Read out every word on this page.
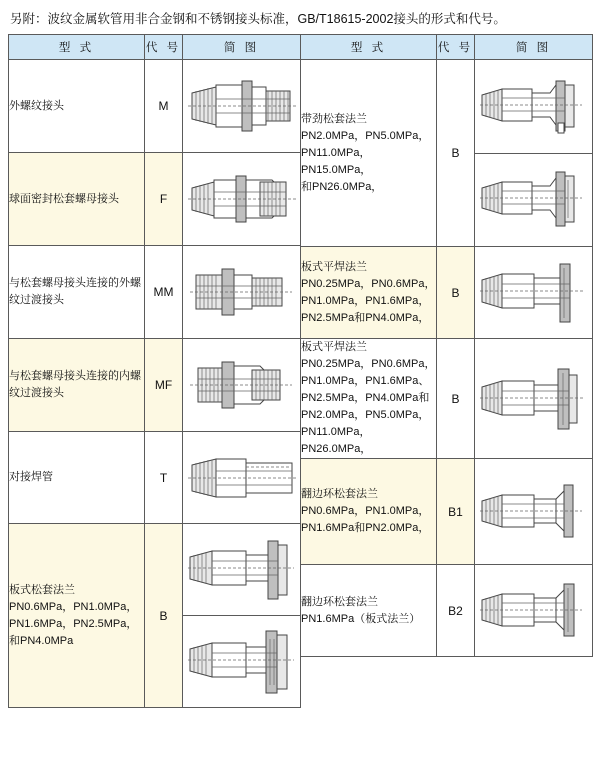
另附：波纹金属软管用非合金钢和不锈钢接头标准，GB/T18615-2002接头的形式和代号。
型 式	代 号	简 图
外螺纹接头	M	

球面密封松套螺母接头	F	

与松套螺母接头连接的外螺纹过渡接头	MM	

与松套螺母接头连接的内螺纹过渡接头	MF	

对接焊管	T	

板式松套法兰
PN0.6MPa，PN1.0MPa，
PN1.6MPa，PN2.5MPa，
和PN4.0MPa	B	

型 式	代 号	简 图
带劲松套法兰
PN2.0MPa，PN5.0MPa，
PN11.0MPa，PN15.0MPa，
和PN26.0MPa，	B	

板式平焊法兰
PN0.25MPa，PN0.6MPa，
PN1.0MPa，PN1.6MPa，
PN2.5MPa和PN4.0MPa，	B	

板式平焊法兰
PN0.25MPa，PN0.6MPa，
PN1.0MPa，PN1.6MPa、
PN2.5MPa，PN4.0MPa和
PN2.0MPa，PN5.0MPa，
PN11.0MPa，PN26.0MPa，	B	

翻边环松套法兰
PN0.6MPa，PN1.0MPa，
PN1.6MPa和PN2.0MPa，	B1	

翻边环松套法兰
PN1.6MPa（板式法兰）	B2	
